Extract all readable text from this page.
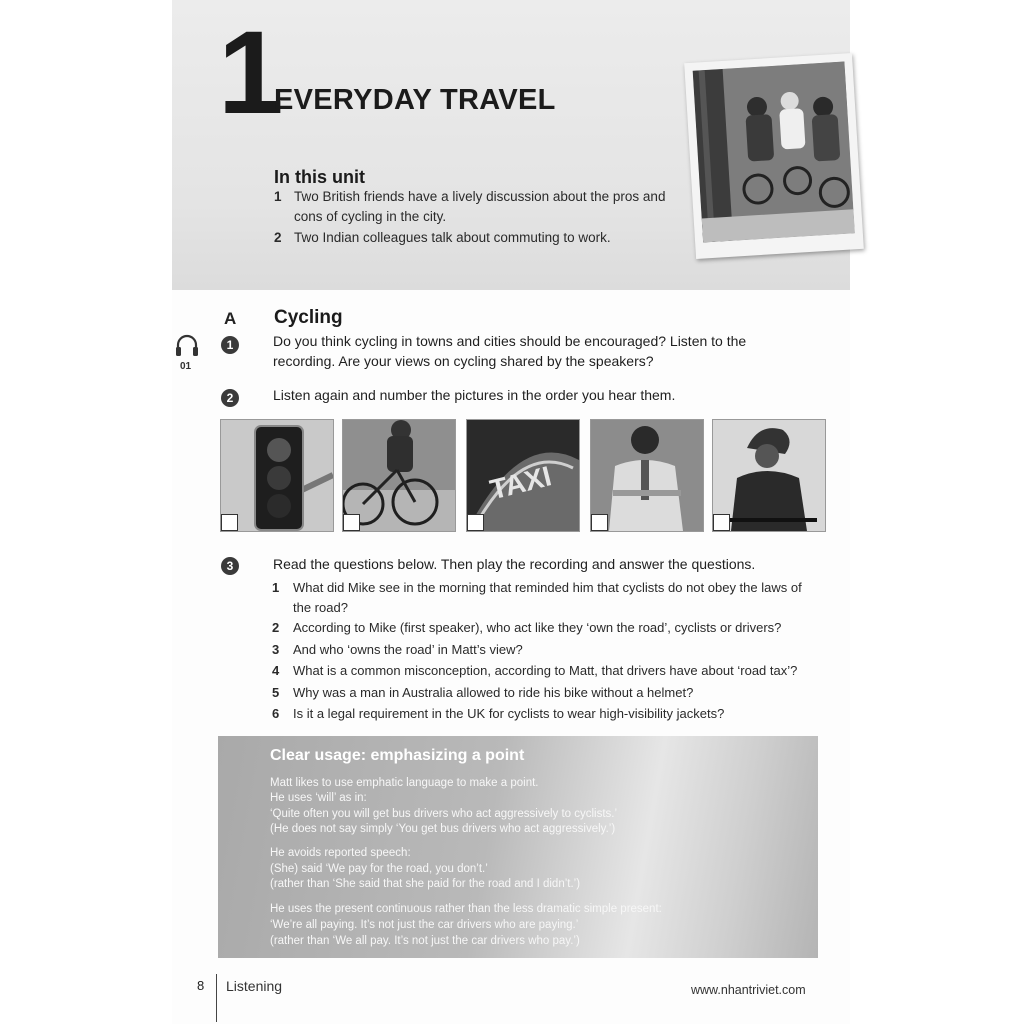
1
EVERYDAY TRAVEL
In this unit
1 Two British friends have a lively discussion about the pros and
cons of cycling in the city.
2 Two Indian colleagues talk about commuting to work.
A Cycling
01
1	Do you think cycling in towns and cities should be encouraged? Listen to the
recording. Are your views on cycling shared by the speakers?
2	Listen again and number the pictures in the order you hear them.
TAXI
3	Read the questions below. Then play the recording and answer the questions.
1 What did Mike see in the morning that reminded him that cyclists do not obey the laws of
the road?
2 According to Mike (first speaker), who act like they ‘own the road’, cyclists or drivers?
3 And who ‘owns the road’ in Matt’s view?
4 What is a common misconception, according to Matt, that drivers have about ‘road tax’?
5 Why was a man in Australia allowed to ride his bike without a helmet?
6 Is it a legal requirement in the UK for cyclists to wear high-visibility jackets?
Clear usage: emphasizing a point
Matt likes to use emphatic language to make a point.
He uses ‘will’ as in:
‘Quite often you will get bus drivers who act aggressively to cyclists.’
(He does not say simply ‘You get bus drivers who act aggressively.’)
He avoids reported speech:
(She) said ‘We pay for the road, you don’t.’
(rather than ‘She said that she paid for the road and I didn’t.’)
He uses the present continuous rather than the less dramatic simple present:
‘We’re all paying. It’s not just the car drivers who are paying.’
(rather than ‘We all pay. It’s not just the car drivers who pay.’)
8 Listening	www.nhantriviet.com
